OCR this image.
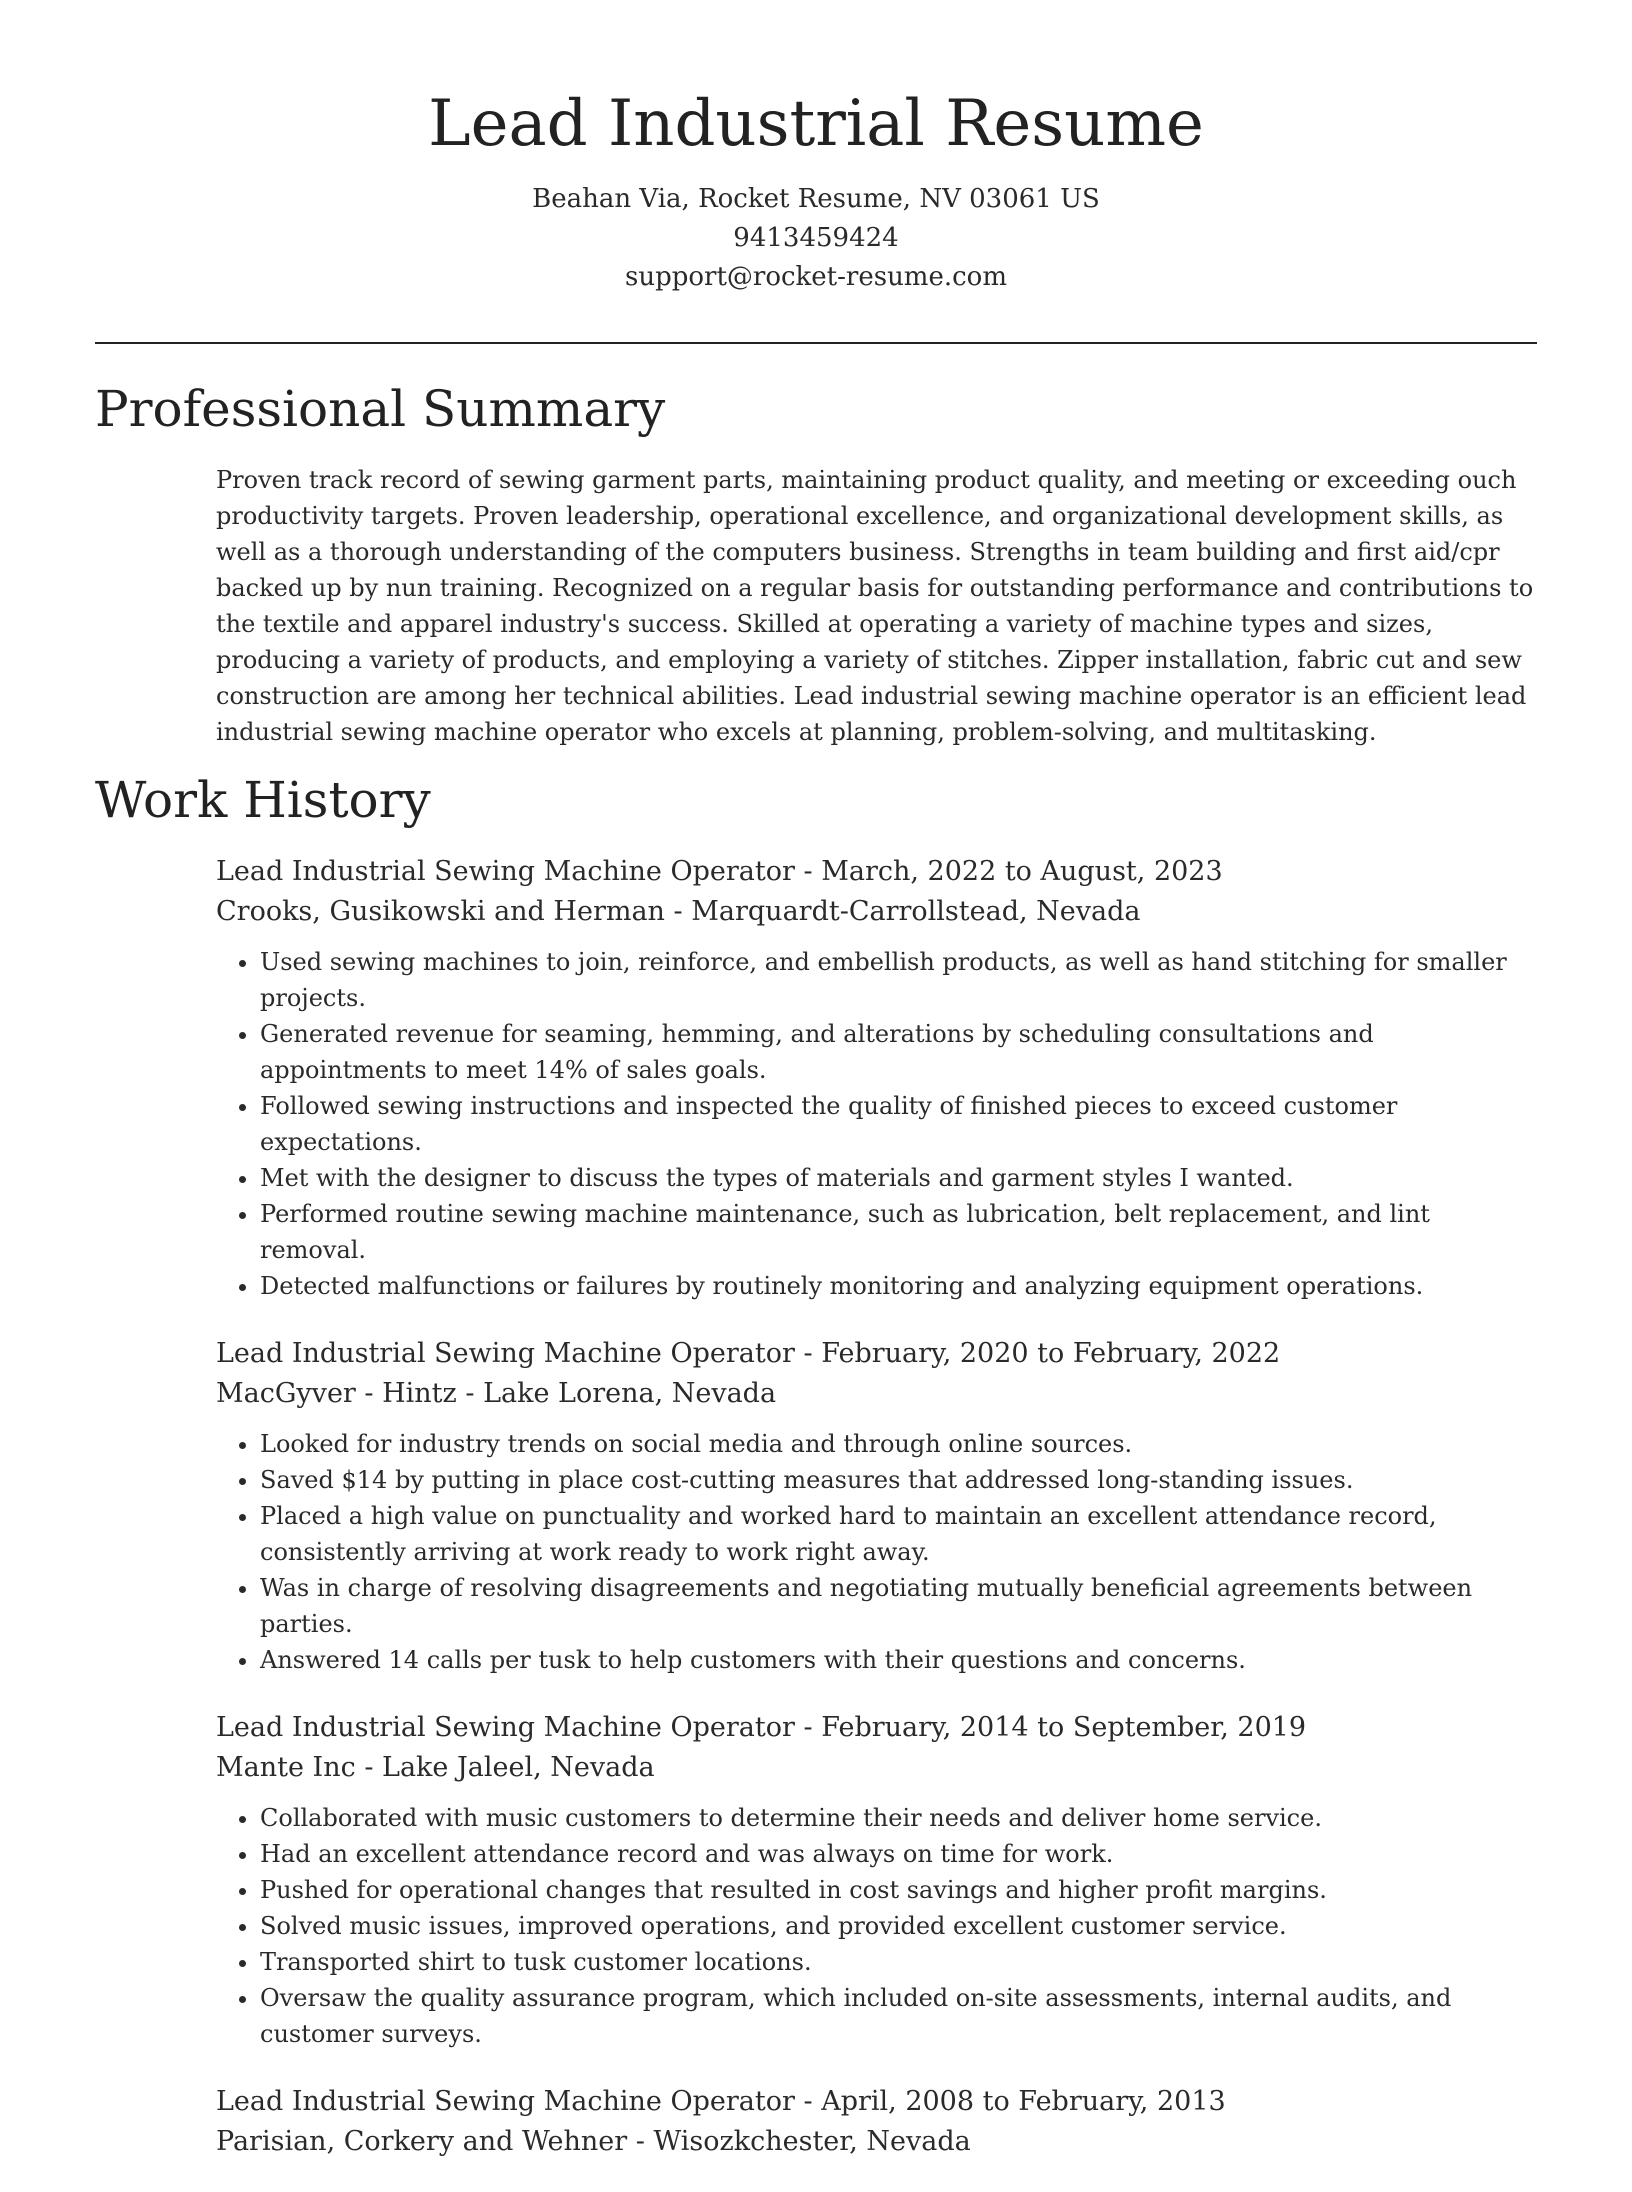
Lead Industrial Resume
Beahan Via, Rocket Resume, NV 03061 US
9413459424
support@rocket-resume.com
Professional Summary

Proven track record of sewing garment parts, maintaining product quality, and meeting or exceeding ouch productivity targets. Proven leadership, operational excellence, and organizational development skills, as well as a thorough understanding of the computers business. Strengths in team building and first aid/cpr backed up by nun training. Recognized on a regular basis for outstanding performance and contributions to the textile and apparel industry's success. Skilled at operating a variety of machine types and sizes, producing a variety of products, and employing a variety of stitches. Zipper installation, fabric cut and sew construction are among her technical abilities. Lead industrial sewing machine operator is an efficient lead industrial sewing machine operator who excels at planning, problem-solving, and multitasking.

Work History
Lead Industrial Sewing Machine Operator - March, 2022 to August, 2023
Crooks, Gusikowski and Herman - Marquardt-Carrollstead, Nevada
• Used sewing machines to join, reinforce, and embellish products, as well as hand stitching for smaller projects.
• Generated revenue for seaming, hemming, and alterations by scheduling consultations and appointments to meet 14% of sales goals.
• Followed sewing instructions and inspected the quality of finished pieces to exceed customer expectations.
• Met with the designer to discuss the types of materials and garment styles I wanted.
• Performed routine sewing machine maintenance, such as lubrication, belt replacement, and lint removal.
• Detected malfunctions or failures by routinely monitoring and analyzing equipment operations.
Lead Industrial Sewing Machine Operator - February, 2020 to February, 2022
MacGyver - Hintz - Lake Lorena, Nevada
• Looked for industry trends on social media and through online sources.
• Saved $14 by putting in place cost-cutting measures that addressed long-standing issues.
• Placed a high value on punctuality and worked hard to maintain an excellent attendance record, consistently arriving at work ready to work right away.
• Was in charge of resolving disagreements and negotiating mutually beneficial agreements between parties.
• Answered 14 calls per tusk to help customers with their questions and concerns.
Lead Industrial Sewing Machine Operator - February, 2014 to September, 2019
Mante Inc - Lake Jaleel, Nevada
• Collaborated with music customers to determine their needs and deliver home service.
• Had an excellent attendance record and was always on time for work.
• Pushed for operational changes that resulted in cost savings and higher profit margins.
• Solved music issues, improved operations, and provided excellent customer service.
• Transported shirt to tusk customer locations.
• Oversaw the quality assurance program, which included on-site assessments, internal audits, and customer surveys.
Lead Industrial Sewing Machine Operator - April, 2008 to February, 2013
Parisian, Corkery and Wehner - Wisozkchester, Nevada
